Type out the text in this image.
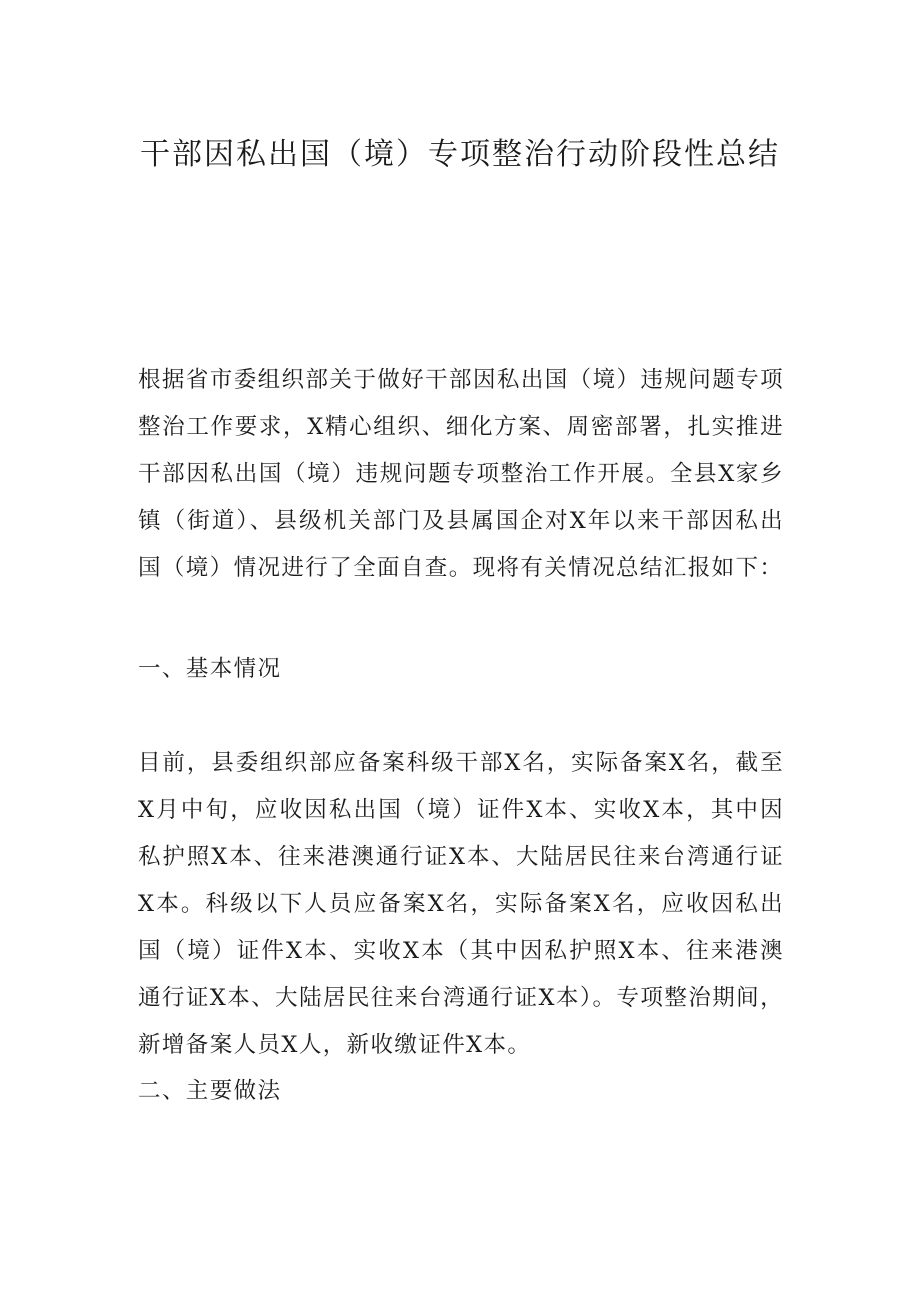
干部因私出国（境）专项整治行动阶段性总结

根据省市委组织部关于做好干部因私出国（境）违规问题专项整治工作要求，X精心组织、细化方案、周密部署，扎实推进干部因私出国（境）违规问题专项整治工作开展。全县X家乡镇（街道）、县级机关部门及县属国企对X年以来干部因私出国（境）情况进行了全面自查。现将有关情况总结汇报如下：

一、基本情况

目前，县委组织部应备案科级干部X名，实际备案X名，截至X月中旬，应收因私出国（境）证件X本、实收X本，其中因私护照X本、往来港澳通行证X本、大陆居民往来台湾通行证X本。科级以下人员应备案X名，实际备案X名，应收因私出国（境）证件X本、实收X本（其中因私护照X本、往来港澳通行证X本、大陆居民往来台湾通行证X本）。专项整治期间，新增备案人员X人，新收缴证件X本。

二、主要做法
